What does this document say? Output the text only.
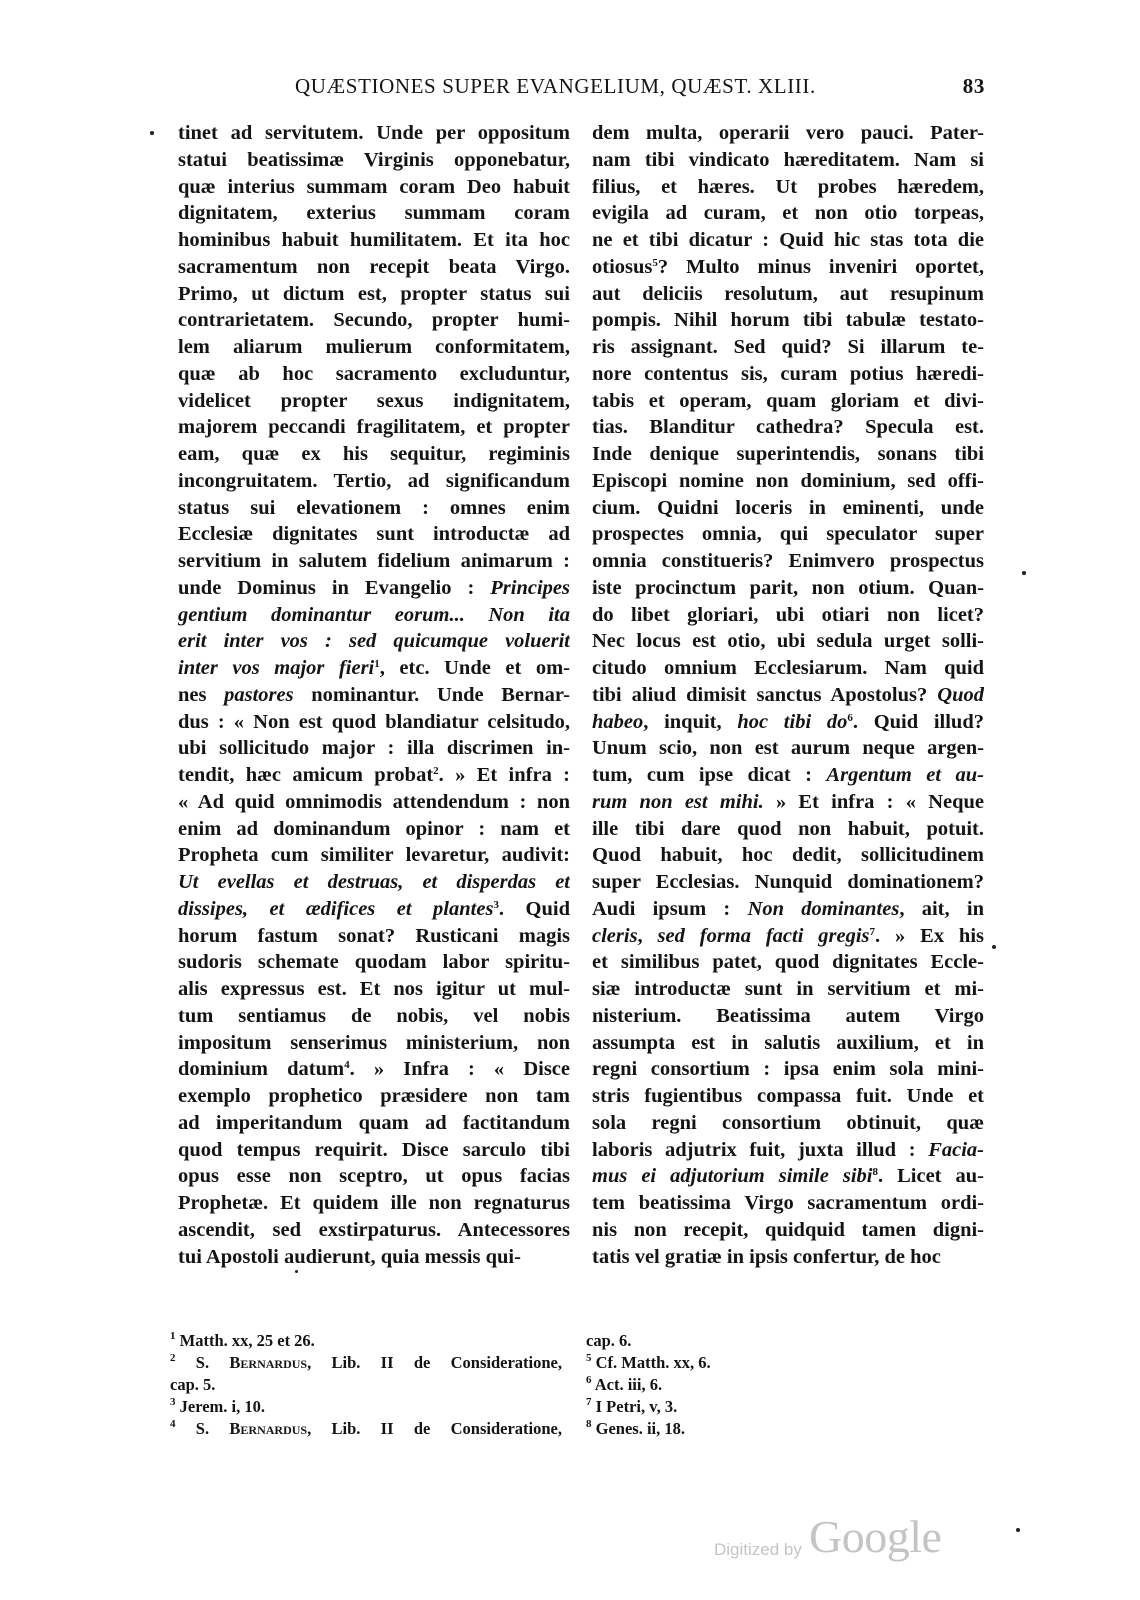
QUÆSTIONES SUPER EVANGELIUM, QUÆST. XLIII.	83
tinet ad servitutem. Unde per oppositum
statui beatissimæ Virginis opponebatur,
quæ interius summam coram Deo habuit
dignitatem, exterius summam coram
hominibus habuit humilitatem. Et ita hoc
sacramentum non recepit beata Virgo.
Primo, ut dictum est, propter status sui
contrarietatem. Secundo, propter humi-
lem aliarum mulierum conformitatem,
quæ ab hoc sacramento excluduntur,
videlicet propter sexus indignitatem,
majorem peccandi fragilitatem, et propter
eam, quæ ex his sequitur, regiminis
incongruitatem. Tertio, ad significandum
status sui elevationem : omnes enim
Ecclesiæ dignitates sunt introductæ ad
servitium in salutem fidelium animarum :
unde Dominus in Evangelio : Principes
gentium dominantur eorum... Non ita
erit inter vos : sed quicumque voluerit
inter vos major fieri$^1$, etc. Unde et om-
nes pastores nominantur. Unde Bernar-
dus : « Non est quod blandiatur celsitudo,
ubi sollicitudo major : illa discrimen in-
tendit, hæc amicum probat$^2$. » Et infra :
« Ad quid omnimodis attendendum : non
enim ad dominandum opinor : nam et
Propheta cum similiter levaretur, audivit:
Ut evellas et destruas, et disperdas et
dissipes, et ædifices et plantes$^3$. Quid
horum fastum sonat? Rusticani magis
sudoris schemate quodam labor spiritu-
alis expressus est. Et nos igitur ut mul-
tum sentiamus de nobis, vel nobis
impositum senserimus ministerium, non
dominium datum$^4$. » Infra : « Disce
exemplo prophetico præsidere non tam
ad imperitandum quam ad factitandum
quod tempus requirit. Disce sarculo tibi
opus esse non sceptro, ut opus facias
Prophetæ. Et quidem ille non regnaturus
ascendit, sed exstirpaturus. Antecessores
tui Apostoli audierunt, quia messis qui-
dem multa, operarii vero pauci. Pater-
nam tibi vindicato hæreditatem. Nam si
filius, et hæres. Ut probes hæredem,
evigila ad curam, et non otio torpeas,
ne et tibi dicatur : Quid hic stas tota die
otiosus$^5$? Multo minus inveniri oportet,
aut deliciis resolutum, aut resupinum
pompis. Nihil horum tibi tabulæ testato-
ris assignant. Sed quid? Si illarum te-
nore contentus sis, curam potius hæredi-
tabis et operam, quam gloriam et divi-
tias. Blanditur cathedra? Specula est.
Inde denique superintendis, sonans tibi
Episcopi nomine non dominium, sed offi-
cium. Quidni loceris in eminenti, unde
prospectes omnia, qui speculator super
omnia constitueris? Enimvero prospectus
iste procinctum parit, non otium. Quan-
do libet gloriari, ubi otiari non licet?
Nec locus est otio, ubi sedula urget solli-
citudo omnium Ecclesiarum. Nam quid
tibi aliud dimisit sanctus Apostolus? Quod
habeo, inquit, hoc tibi $do^6$. Quid illud?
Unum scio, non est aurum neque argen-
tum, cum ipse dicat : Argentum et au-
rum non est mihi. » Et infra : « Neque
ille tibi dare quod non habuit, potuit.
Quod habuit, hoc dedit, sollicitudinem
super Ecclesias. Nunquid dominationem?
Audi ipsum : Non dominantes, ait, in
cleris, sed forma facti gregis$^7$. » Ex his
et similibus patet, quod dignitates Eccle-
siæ introductæ sunt in servitium et mi-
nisterium. Beatissima autem Virgo
assumpta est in salutis auxilium, et in
regni consortium : ipsa enim sola mini-
stris fugientibus compassa fuit. Unde et
sola regni consortium obtinuit, quæ
laboris adjutrix fuit, juxta illud : Facia-
mus ei adjutorium simile sibi$^8$. Licet au-
tem beatissima Virgo sacramentum ordi-
nis non recepit, quidquid tamen digni-
tatis vel gratiæ in ipsis confertur, de hoc
$^1$ Matth. xx, 25 et 26.
$^2$ S. Bernardus, Lib. II de Consideratione,
cap. 5.
$^3$ Jerem. i, 10.
$^4$ S. Bernardus, Lib. II de Consideratione,
cap. 6.
$^5$ Cf. Matth. xx, 6.
$^6$ Act. iii, 6.
$^7$ I Petri, v, 3.
$^8$ Genes. ii, 18.
Digitized by Google
